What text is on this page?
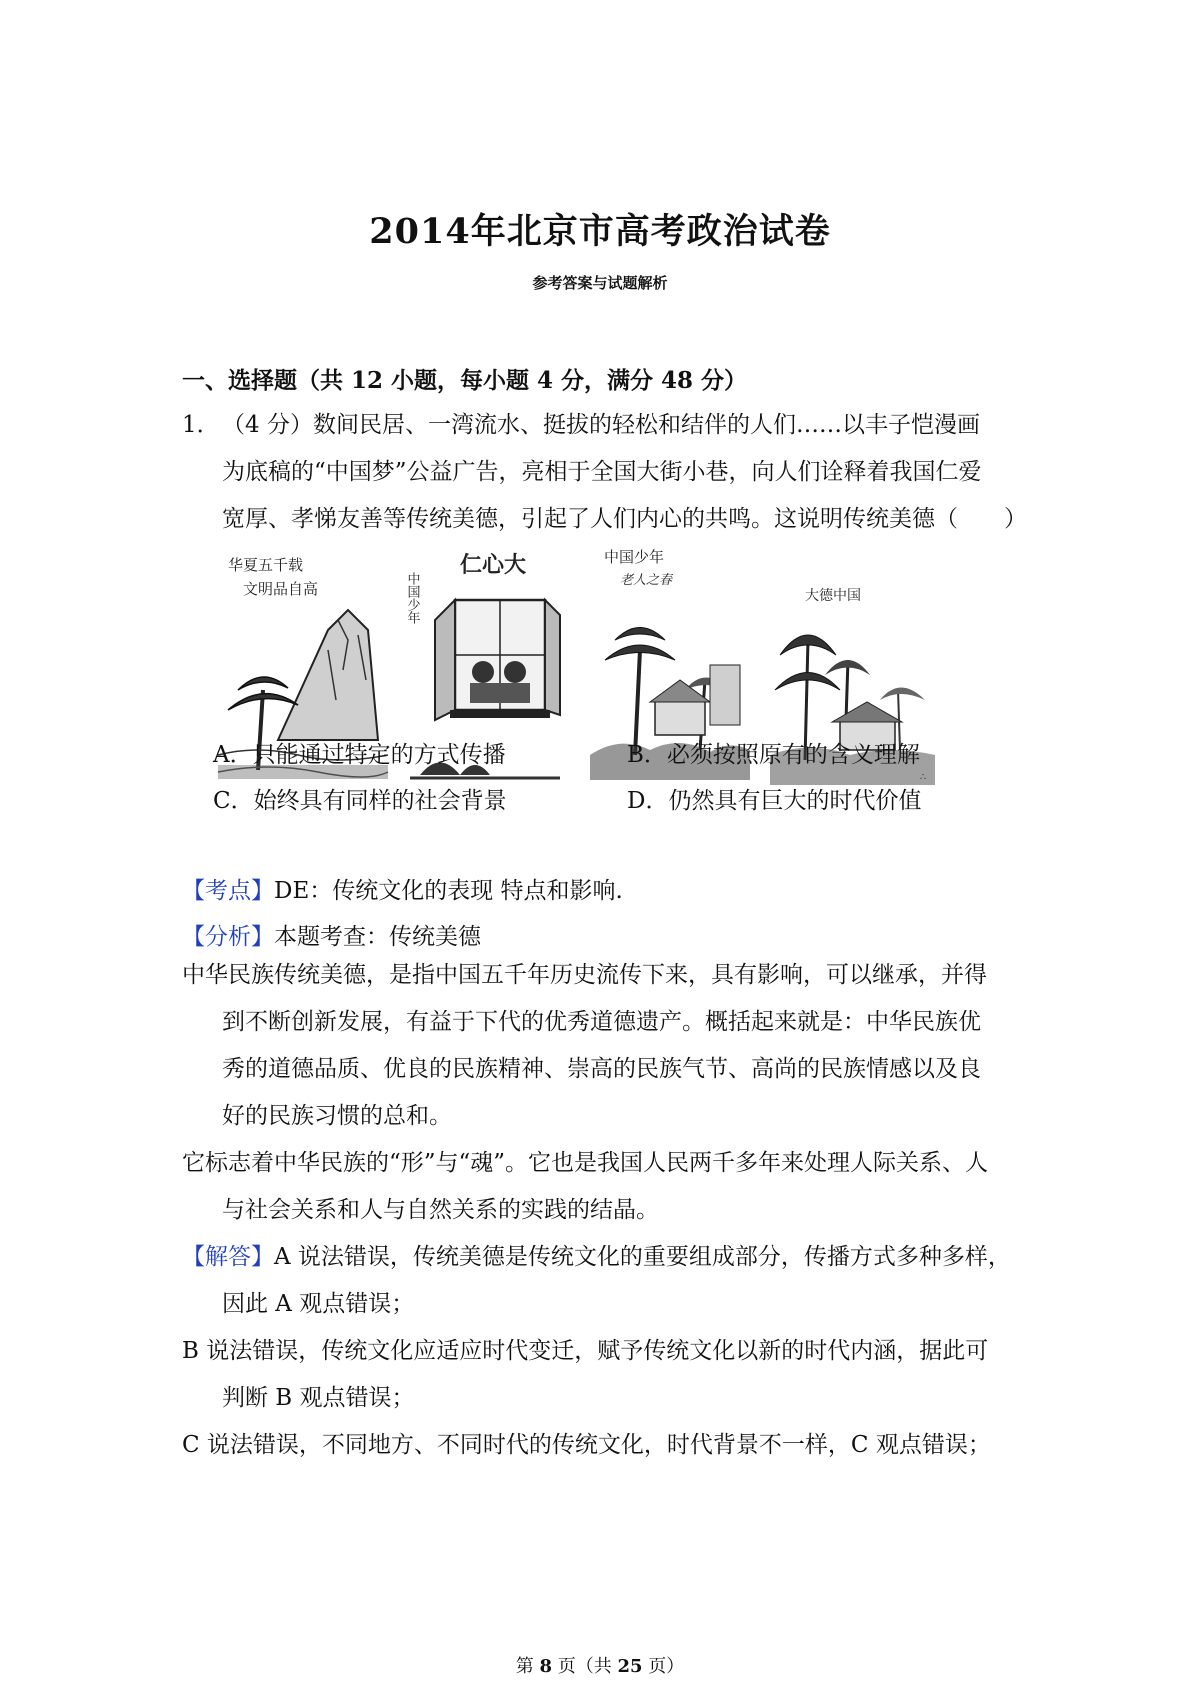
2014年北京市高考政治试卷
参考答案与试题解析
一、选择题（共 12 小题，每小题 4 分，满分 48 分）
1． （4 分）数间民居、一湾流水、挺拔的轻松和结伴的人们……以丰子恺漫画
为底稿的“中国梦”公益广告，亮相于全国大街小巷，向人们诠释着我国仁爱
宽厚、孝悌友善等传统美德，引起了人们内心的共鸣。这说明传统美德（　　）
华夏五千载
文明品自高
仁心大
中国少年
中国少年
老人之春
大德中国
∴
A．只能通过特定的方式传播	B．必须按照原有的含义理解
C．始终具有同样的社会背景	D．仍然具有巨大的时代价值
【考点】DE：传统文化的表现 特点和影响.
【分析】本题考查：传统美德
中华民族传统美德，是指中国五千年历史流传下来，具有影响，可以继承，并得
到不断创新发展，有益于下代的优秀道德遗产。概括起来就是：中华民族优
秀的道德品质、优良的民族精神、崇高的民族气节、高尚的民族情感以及良
好的民族习惯的总和。
它标志着中华民族的“形”与“魂”。它也是我国人民两千多年来处理人际关系、人
与社会关系和人与自然关系的实践的结晶。
【解答】A 说法错误，传统美德是传统文化的重要组成部分，传播方式多种多样，
因此 A 观点错误；
B 说法错误，传统文化应适应时代变迁，赋予传统文化以新的时代内涵，据此可
判断 B 观点错误；
C 说法错误，不同地方、不同时代的传统文化，时代背景不一样，C 观点错误；
第 8 页（共 25 页）
